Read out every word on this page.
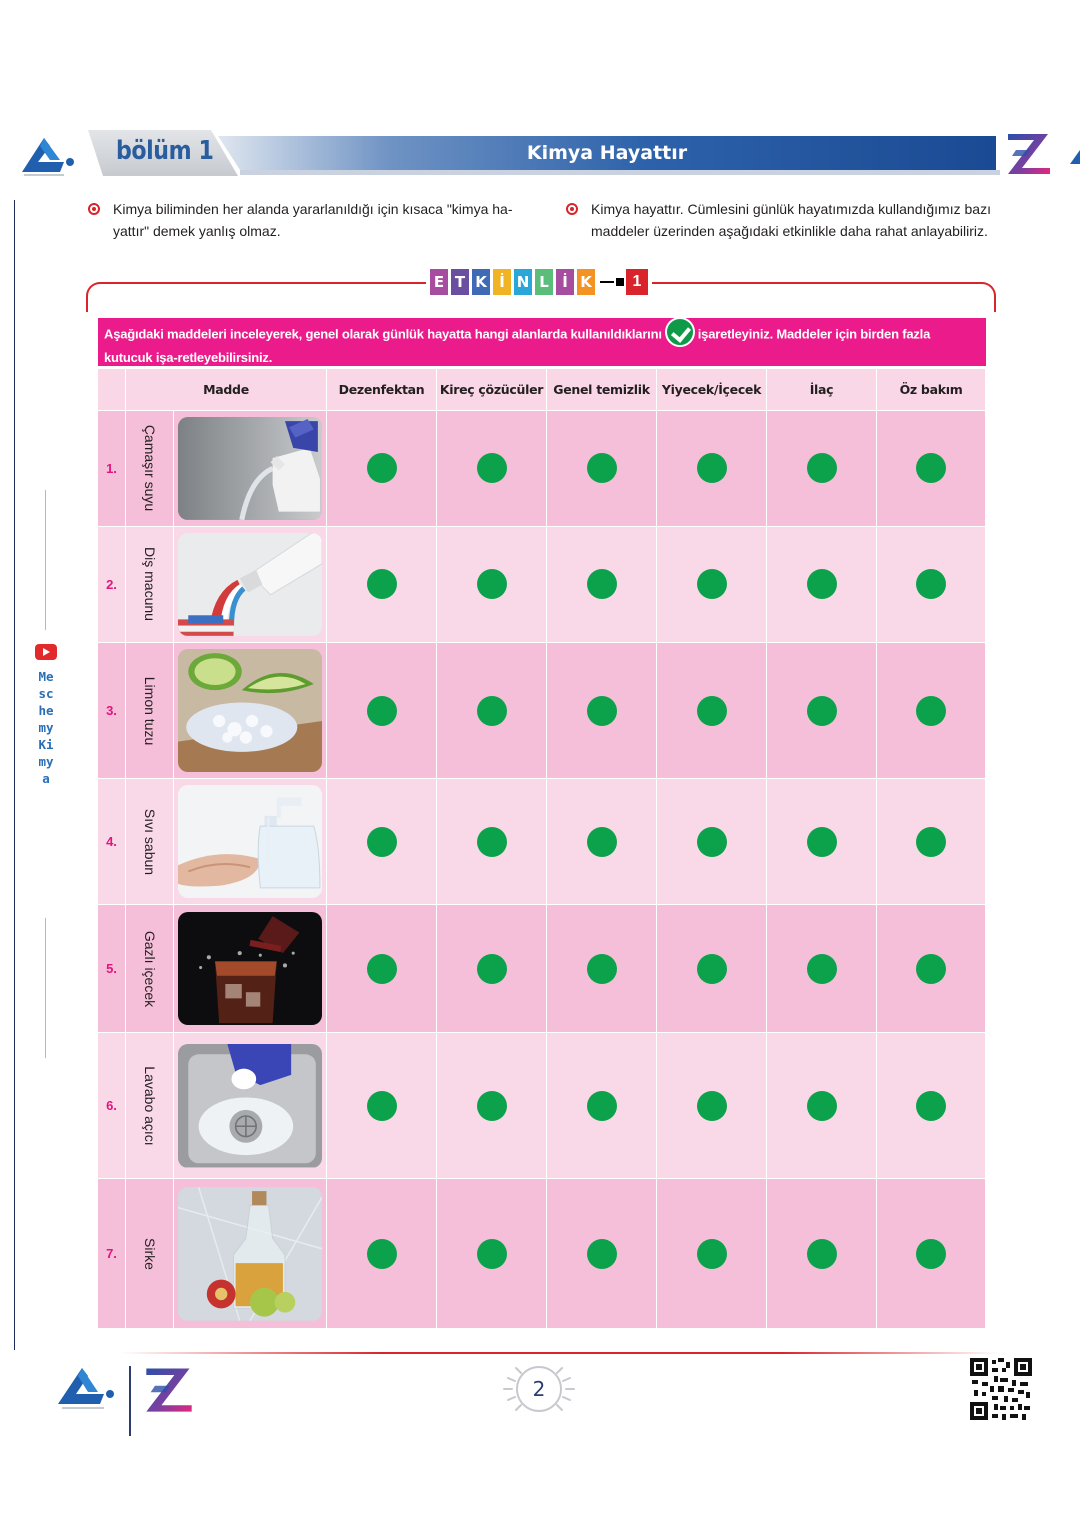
bölüm 1	Kimya Hayattır
Meschemy Kimya

Kimya biliminden her alanda yararlanıldığı için kısaca "kimya ha-yattır" demek yanlış olmaz.

Kimya hayattır. Cümlesini günlük hayatımızda kullandığımız bazı maddeler üzerinden aşağıdaki etkinlikle daha rahat anlayabiliriz.

E T K İ N L İ K	1
Aşağıdaki maddeleri inceleyerek, genel olarak günlük hayatta hangi alanlarda kullanıldıklarını	işaretleyiniz. Maddeler için birden fazla kutucuk işa-retleyebilirsiniz.
	Madde		Dezenfektan	Kireç çözücüler	Genel temizlik	Yiyecek/İçecek	İlaç	Öz bakım
1.	Çamaşır suyu

2.	Diş macunu

3.	Limon tuzu

4.	Sıvı sabun

5.	Gazlı içecek

6.	Lavabo açıcı

7.	Sirke

2
